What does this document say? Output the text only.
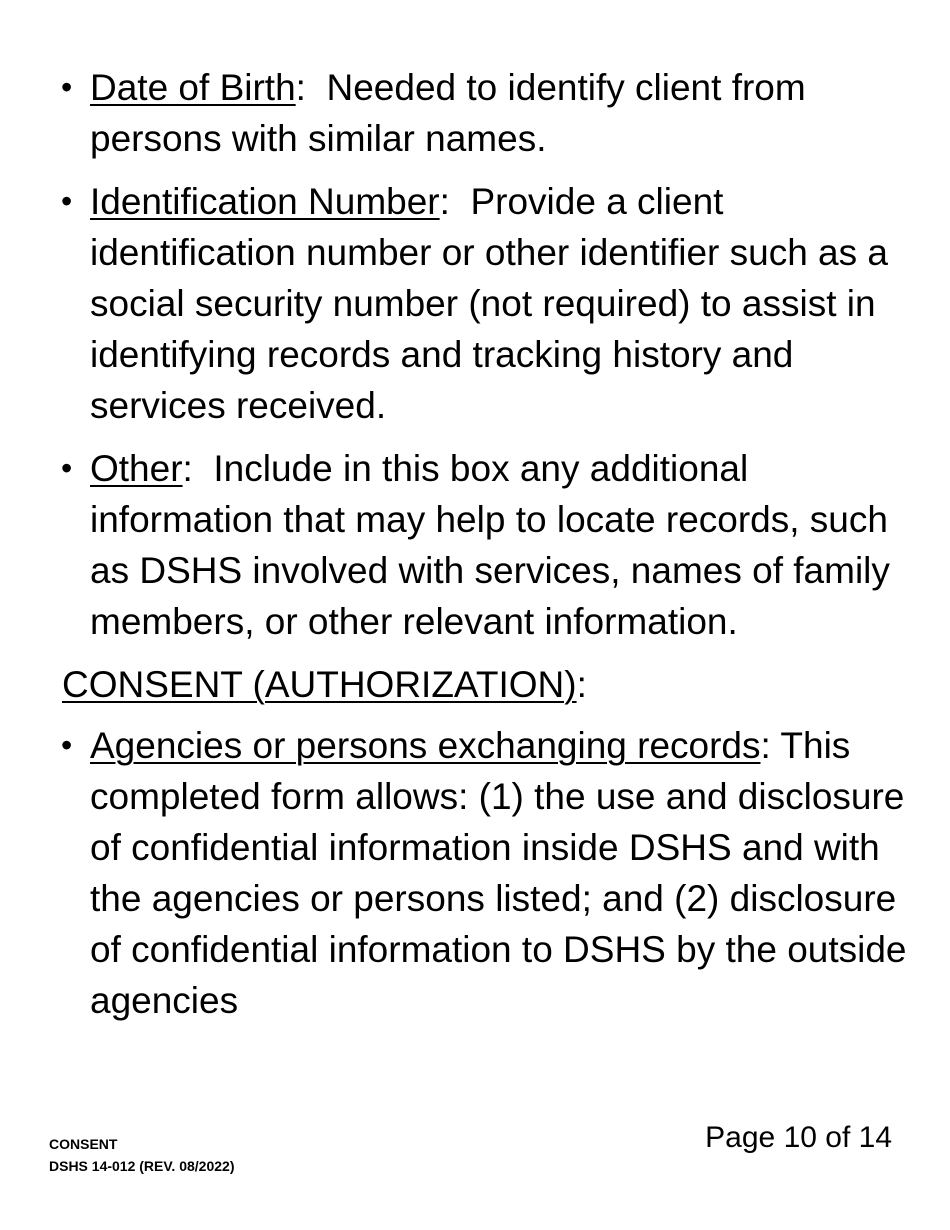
• Date of Birth:  Needed to identify client from persons with similar names.
• Identification Number:  Provide a client identification number or other identifier such as a social security number (not required) to assist in identifying records and tracking history and services received.
• Other:  Include in this box any additional information that may help to locate records, such as DSHS involved with services, names of family members, or other relevant information.
CONSENT (AUTHORIZATION):
• Agencies or persons exchanging records: This completed form allows: (1) the use and disclosure of confidential information inside DSHS and with the agencies or persons listed; and (2) disclosure of confidential information to DSHS by the outside agencies
CONSENT
DSHS 14-012 (REV. 08/2022)
Page 10 of 14
